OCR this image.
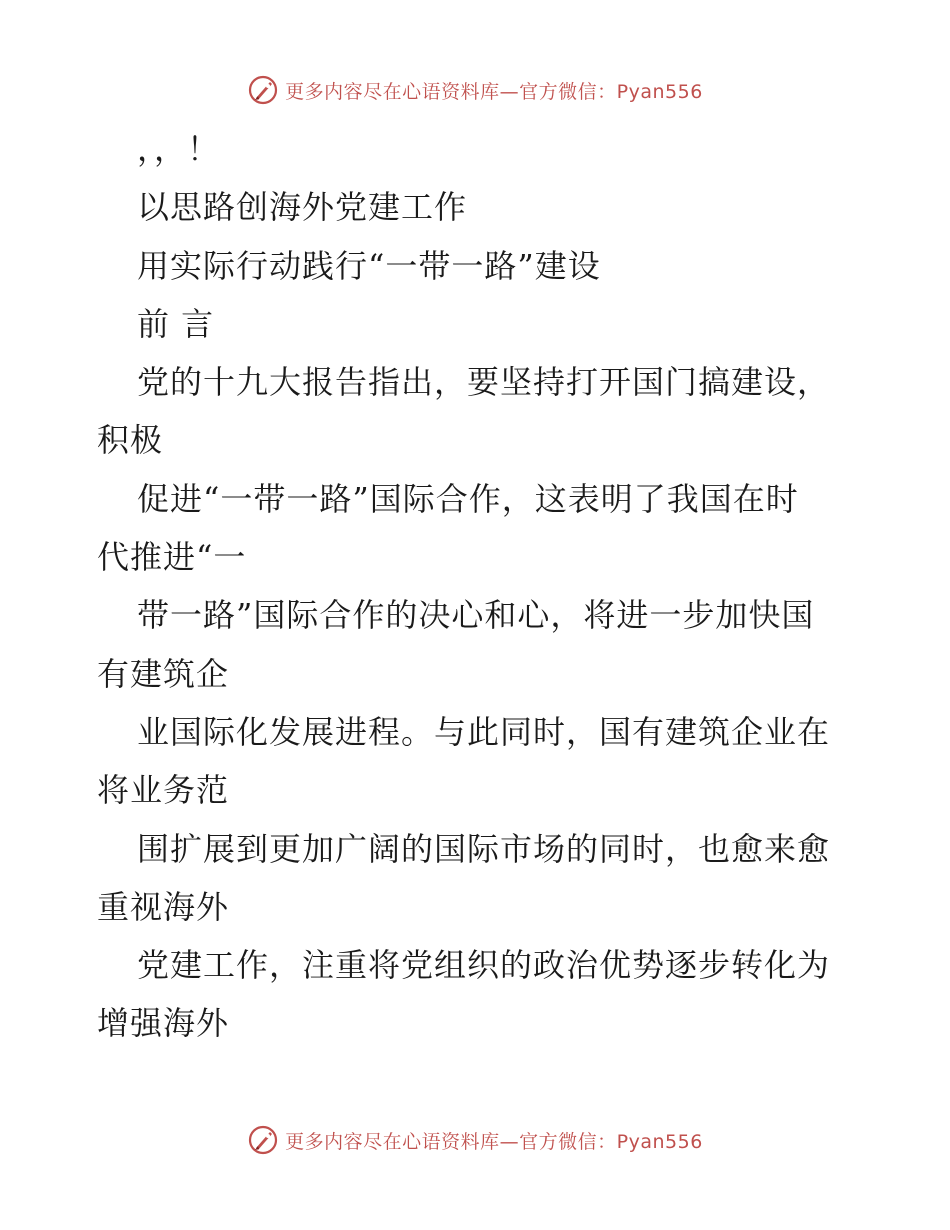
更多内容尽在心语资料库—官方微信：Pyan556
，，！
以思路创海外党建工作
用实际行动践行“一带一路”建设
前 言
党的十九大报告指出，要坚持打开国门搞建设，
积极
促进“一带一路”国际合作，这表明了我国在时
代推进“一
带一路”国际合作的决心和心，将进一步加快国
有建筑企
业国际化发展进程。与此同时，国有建筑企业在
将业务范
围扩展到更加广阔的国际市场的同时，也愈来愈
重视海外
党建工作，注重将党组织的政治优势逐步转化为
增强海外
更多内容尽在心语资料库—官方微信：Pyan556
